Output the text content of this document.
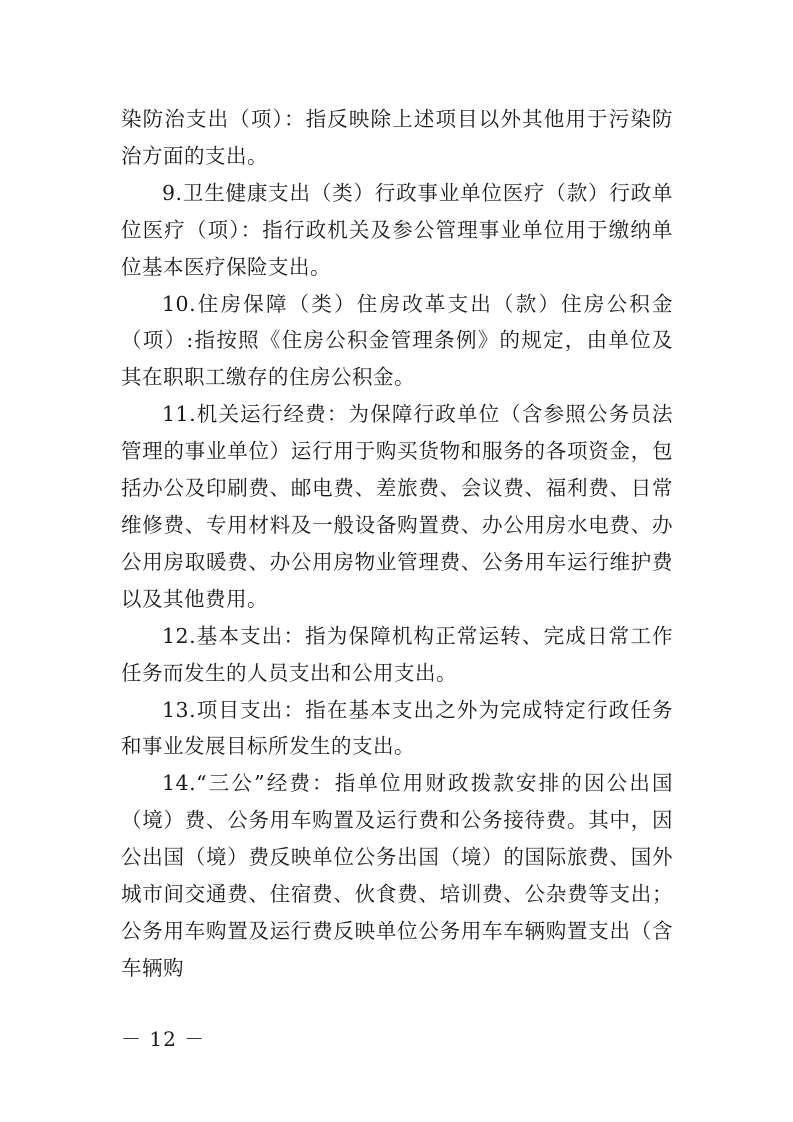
染防治支出（项）：指反映除上述项目以外其他用于污染防治方面的支出。

9.卫生健康支出（类）行政事业单位医疗（款）行政单位医疗（项）：指行政机关及参公管理事业单位用于缴纳单位基本医疗保险支出。

10.住房保障（类）住房改革支出（款）住房公积金（项）:指按照《住房公积金管理条例》的规定，由单位及其在职职工缴存的住房公积金。

11.机关运行经费：为保障行政单位（含参照公务员法管理的事业单位）运行用于购买货物和服务的各项资金，包括办公及印刷费、邮电费、差旅费、会议费、福利费、日常维修费、专用材料及一般设备购置费、办公用房水电费、办公用房取暖费、办公用房物业管理费、公务用车运行维护费以及其他费用。

12.基本支出：指为保障机构正常运转、完成日常工作任务而发生的人员支出和公用支出。

13.项目支出：指在基本支出之外为完成特定行政任务和事业发展目标所发生的支出。

14.“三公”经费：指单位用财政拨款安排的因公出国（境）费、公务用车购置及运行费和公务接待费。其中，因公出国（境）费反映单位公务出国（境）的国际旅费、国外城市间交通费、住宿费、伙食费、培训费、公杂费等支出；公务用车购置及运行费反映单位公务用车车辆购置支出（含车辆购

－ 12 －
